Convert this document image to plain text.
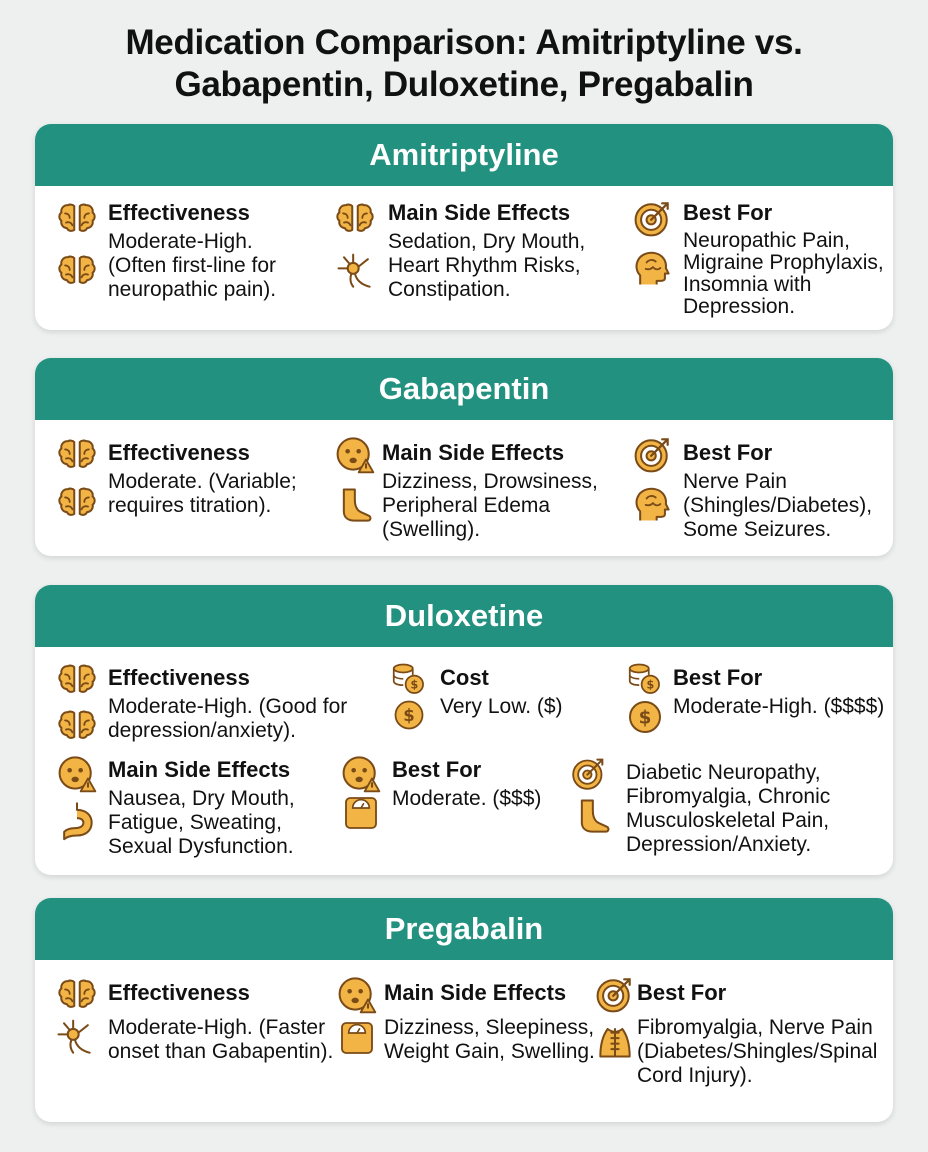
Medication Comparison: Amitriptyline vs.
Gabapentin, Duloxetine, Pregabalin
Amitriptyline
Effectiveness
Moderate-High.
(Often first-line for
neuropathic pain).
Main Side Effects
Sedation, Dry Mouth,
Heart Rhythm Risks,
Constipation.
Best For
Neuropathic Pain,
Migraine Prophylaxis,
Insomnia with
Depression.
Gabapentin
Effectiveness
Moderate. (Variable;
requires titration).
Main Side Effects
Dizziness, Drowsiness,
Peripheral Edema
(Swelling).
Best For
Nerve Pain
(Shingles/Diabetes),
Some Seizures.
Duloxetine
Effectiveness
Moderate-High. (Good for
depression/anxiety).
$
$
Cost
Very Low. ($)
$
$
Best For
Moderate-High. ($$$$)
Main Side Effects
Nausea, Dry Mouth,
Fatigue, Sweating,
Sexual Dysfunction.
Best For
Moderate. ($$$)
Diabetic Neuropathy,
Fibromyalgia, Chronic
Musculoskeletal Pain,
Depression/Anxiety.
Pregabalin
Effectiveness
Moderate-High. (Faster
onset than Gabapentin).
Main Side Effects
Dizziness, Sleepiness,
Weight Gain, Swelling.
Best For
Fibromyalgia, Nerve Pain
(Diabetes/Shingles/Spinal
Cord Injury).
